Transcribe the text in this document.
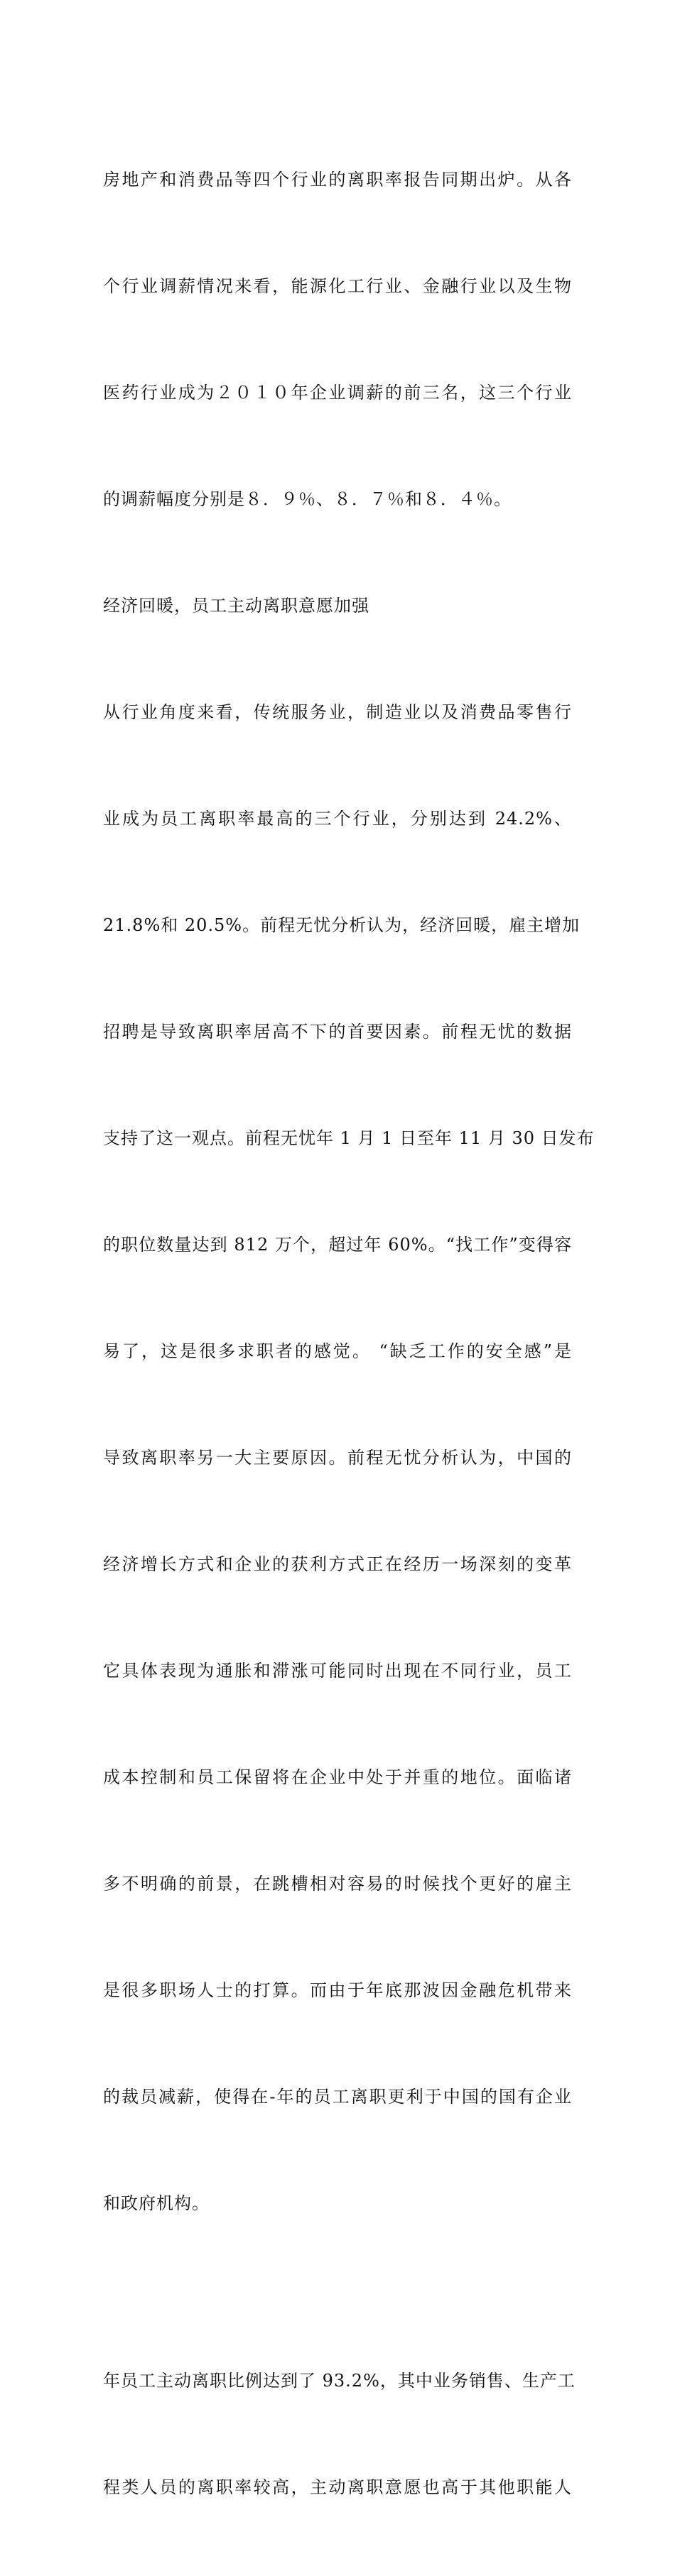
房地产和消费品等四个行业的离职率报告同期出炉。从各

个行业调薪情况来看，能源化工行业、金融行业以及生物

医药行业成为２０１０年企业调薪的前三名，这三个行业

的调薪幅度分别是８．９％、８．７％和８．４％。

经济回暖，员工主动离职意愿加强

从行业角度来看，传统服务业，制造业以及消费品零售行

业成为员工离职率最高的三个行业，分别达到 24.2%、

21.8%和 20.5%。前程无忧分析认为，经济回暖，雇主增加

招聘是导致离职率居高不下的首要因素。前程无忧的数据

支持了这一观点。前程无忧年 1 月 1 日至年 11 月 30 日发布

的职位数量达到 812 万个，超过年 60%。“找工作”变得容

易了，这是很多求职者的感觉。 “缺乏工作的安全感”是

导致离职率另一大主要原因。前程无忧分析认为，中国的

经济增长方式和企业的获利方式正在经历一场深刻的变革

它具体表现为通胀和滞涨可能同时出现在不同行业，员工

成本控制和员工保留将在企业中处于并重的地位。面临诸

多不明确的前景，在跳槽相对容易的时候找个更好的雇主

是很多职场人士的打算。而由于年底那波因金融危机带来

的裁员减薪，使得在-年的员工离职更利于中国的国有企业

和政府机构。

年员工主动离职比例达到了 93.2%，其中业务销售、生产工

程类人员的离职率较高，主动离职意愿也高于其他职能人
